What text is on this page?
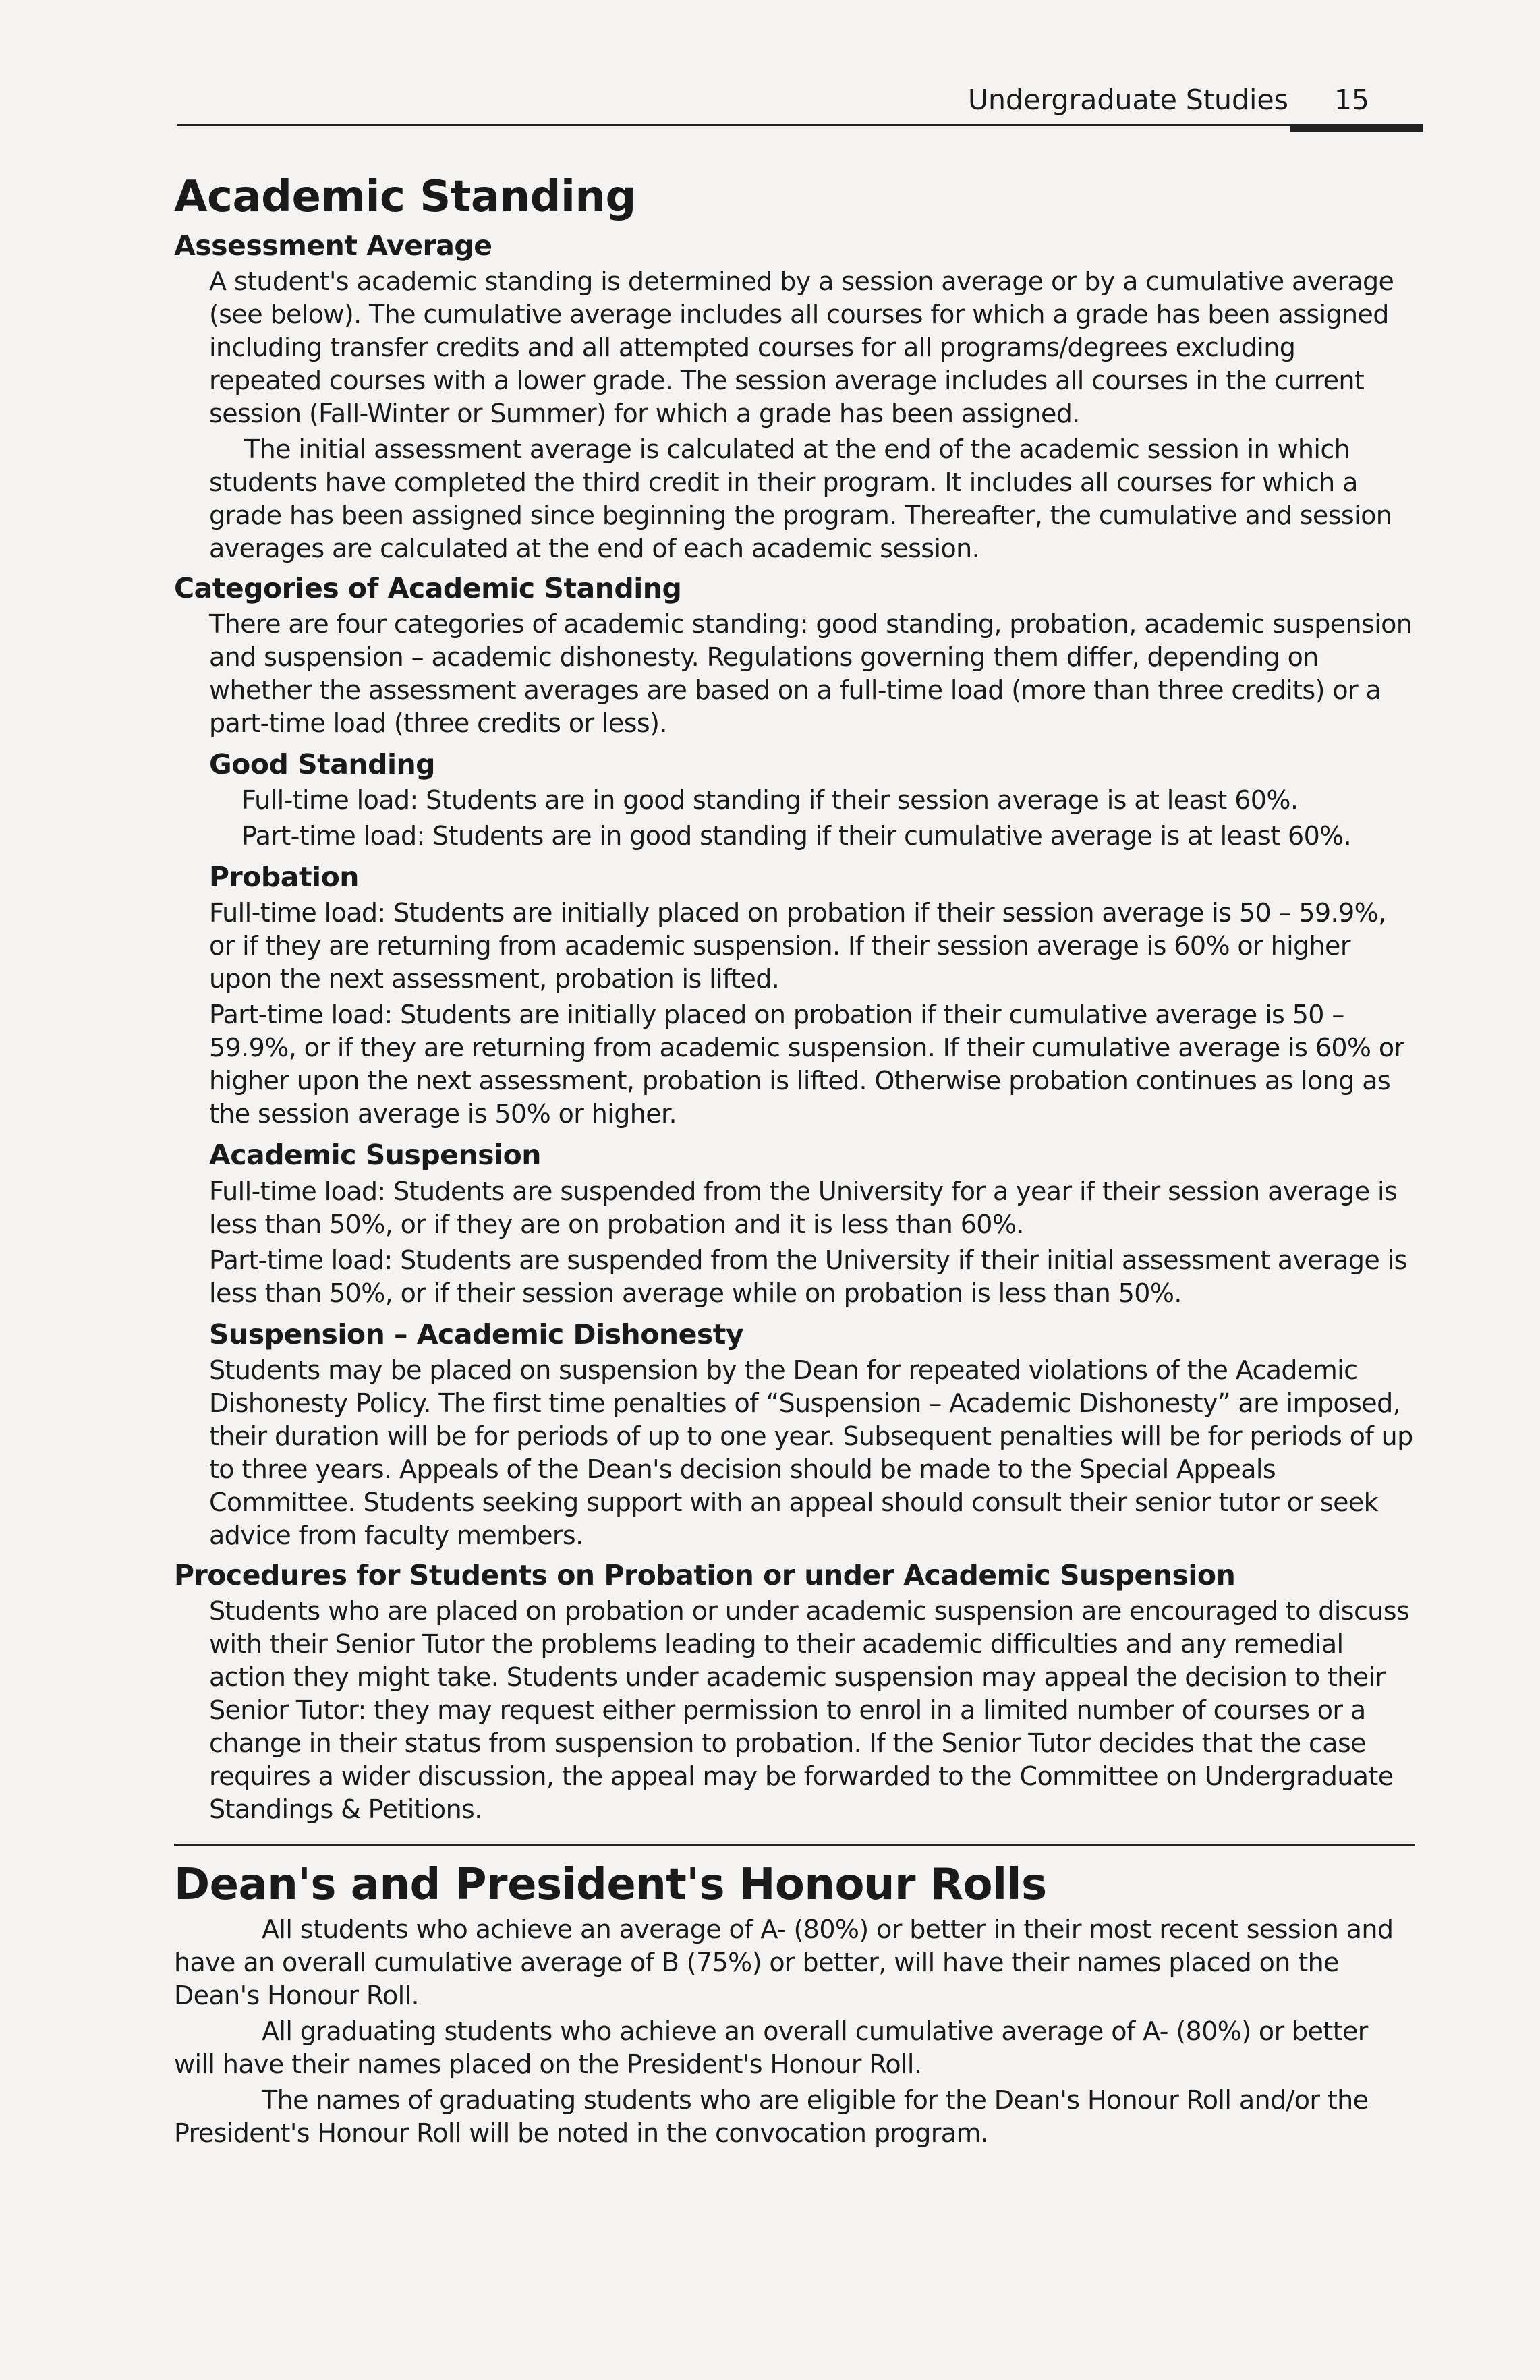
Undergraduate Studies 15
Academic Standing
Assessment Average

A student's academic standing is determined by a session average or by a cumulative average (see below). The cumulative average includes all courses for which a grade has been assigned including transfer credits and all attempted courses for all programs/degrees excluding repeated courses with a lower grade. The session average includes all courses in the current session (Fall-Winter or Summer) for which a grade has been assigned.

The initial assessment average is calculated at the end of the academic session in which students have completed the third credit in their program. It includes all courses for which a grade has been assigned since beginning the program. Thereafter, the cumulative and session averages are calculated at the end of each academic session.

Categories of Academic Standing

There are four categories of academic standing: good standing, probation, academic suspension and suspension – academic dishonesty. Regulations governing them differ, depending on whether the assessment averages are based on a full-time load (more than three credits) or a part-time load (three credits or less).

Good Standing

Full-time load: Students are in good standing if their session average is at least 60%.

Part-time load: Students are in good standing if their cumulative average is at least 60%.

Probation

Full-time load: Students are initially placed on probation if their session average is 50 – 59.9%, or if they are returning from academic suspension. If their session average is 60% or higher upon the next assessment, probation is lifted.

Part-time load: Students are initially placed on probation if their cumulative average is 50 – 59.9%, or if they are returning from academic suspension. If their cumulative average is 60% or higher upon the next assessment, probation is lifted. Otherwise probation continues as long as the session average is 50% or higher.

Academic Suspension

Full-time load: Students are suspended from the University for a year if their session average is less than 50%, or if they are on probation and it is less than 60%.

Part-time load: Students are suspended from the University if their initial assessment average is less than 50%, or if their session average while on probation is less than 50%.

Suspension – Academic Dishonesty

Students may be placed on suspension by the Dean for repeated violations of the Academic Dishonesty Policy. The first time penalties of “Suspension – Academic Dishonesty” are imposed, their duration will be for periods of up to one year. Subsequent penalties will be for periods of up to three years. Appeals of the Dean's decision should be made to the Special Appeals Committee. Students seeking support with an appeal should consult their senior tutor or seek advice from faculty members.

Procedures for Students on Probation or under Academic Suspension

Students who are placed on probation or under academic suspension are encouraged to discuss with their Senior Tutor the problems leading to their academic difficulties and any remedial action they might take. Students under academic suspension may appeal the decision to their Senior Tutor: they may request either permission to enrol in a limited number of courses or a change in their status from suspension to probation. If the Senior Tutor decides that the case requires a wider discussion, the appeal may be forwarded to the Committee on Undergraduate Standings & Petitions.

Dean's and President's Honour Rolls

All students who achieve an average of A- (80%) or better in their most recent session and have an overall cumulative average of B (75%) or better, will have their names placed on the Dean's Honour Roll.

All graduating students who achieve an overall cumulative average of A- (80%) or better will have their names placed on the President's Honour Roll.

The names of graduating students who are eligible for the Dean's Honour Roll and/or the President's Honour Roll will be noted in the convocation program.
